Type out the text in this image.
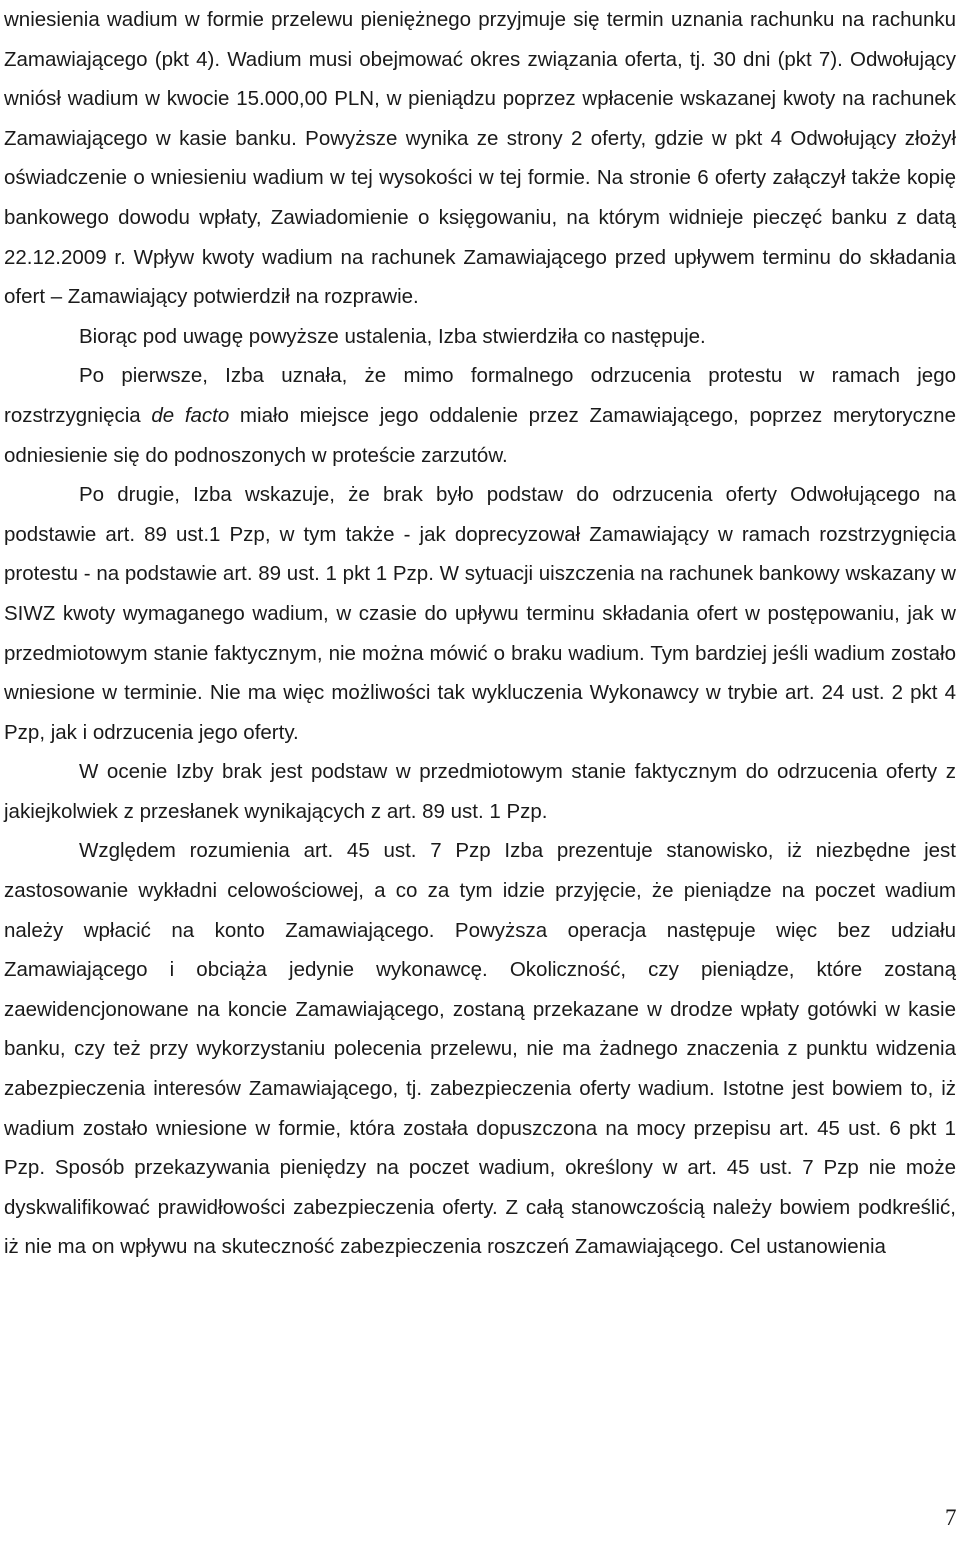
wniesienia wadium w formie przelewu pieniężnego przyjmuje się termin uznania rachunku na rachunku Zamawiającego (pkt 4). Wadium musi obejmować okres związania oferta, tj. 30 dni (pkt 7). Odwołujący wniósł wadium w kwocie 15.000,00 PLN, w pieniądzu poprzez wpłacenie wskazanej kwoty na rachunek Zamawiającego w kasie banku. Powyższe wynika ze strony 2 oferty, gdzie w pkt 4 Odwołujący złożył oświadczenie o wniesieniu wadium w tej wysokości w tej formie. Na stronie 6 oferty załączył także kopię bankowego dowodu wpłaty, Zawiadomienie o księgowaniu, na którym widnieje pieczęć banku z datą 22.12.2009 r. Wpływ kwoty wadium na rachunek Zamawiającego przed upływem terminu do składania ofert – Zamawiający potwierdził na rozprawie.

Biorąc pod uwagę powyższe ustalenia, Izba stwierdziła co następuje.

Po pierwsze, Izba uznała, że mimo formalnego odrzucenia protestu w ramach jego rozstrzygnięcia de facto miało miejsce jego oddalenie przez Zamawiającego, poprzez merytoryczne odniesienie się do podnoszonych w proteście zarzutów.

Po drugie, Izba wskazuje, że brak było podstaw do odrzucenia oferty Odwołującego na podstawie art. 89 ust.1 Pzp, w tym także - jak doprecyzował Zamawiający w ramach rozstrzygnięcia protestu - na podstawie art. 89 ust. 1 pkt 1 Pzp. W sytuacji uiszczenia na rachunek bankowy wskazany w SIWZ kwoty wymaganego wadium, w czasie do upływu terminu składania ofert w postępowaniu, jak w przedmiotowym stanie faktycznym, nie można mówić o braku wadium. Tym bardziej jeśli wadium zostało wniesione w terminie. Nie ma więc możliwości tak wykluczenia Wykonawcy w trybie art. 24 ust. 2 pkt 4 Pzp, jak i odrzucenia jego oferty.

W ocenie Izby brak jest podstaw w przedmiotowym stanie faktycznym do odrzucenia oferty z jakiejkolwiek z przesłanek wynikających z art. 89 ust. 1 Pzp.

Względem rozumienia art. 45 ust. 7 Pzp Izba prezentuje stanowisko, iż niezbędne jest zastosowanie wykładni celowościowej, a co za tym idzie przyjęcie, że pieniądze na poczet wadium należy wpłacić na konto Zamawiającego. Powyższa operacja następuje więc bez udziału Zamawiającego i obciąża jedynie wykonawcę. Okoliczność, czy pieniądze, które zostaną zaewidencjonowane na koncie Zamawiającego, zostaną przekazane w drodze wpłaty gotówki w kasie banku, czy też przy wykorzystaniu polecenia przelewu, nie ma żadnego znaczenia z punktu widzenia zabezpieczenia interesów Zamawiającego, tj. zabezpieczenia oferty wadium. Istotne jest bowiem to, iż wadium zostało wniesione w formie, która została dopuszczona na mocy przepisu art. 45 ust. 6 pkt 1 Pzp. Sposób przekazywania pieniędzy na poczet wadium, określony w art. 45 ust. 7 Pzp nie może dyskwalifikować prawidłowości zabezpieczenia oferty. Z całą stanowczością należy bowiem podkreślić, iż nie ma on wpływu na skuteczność zabezpieczenia roszczeń Zamawiającego. Cel ustanowienia

7
